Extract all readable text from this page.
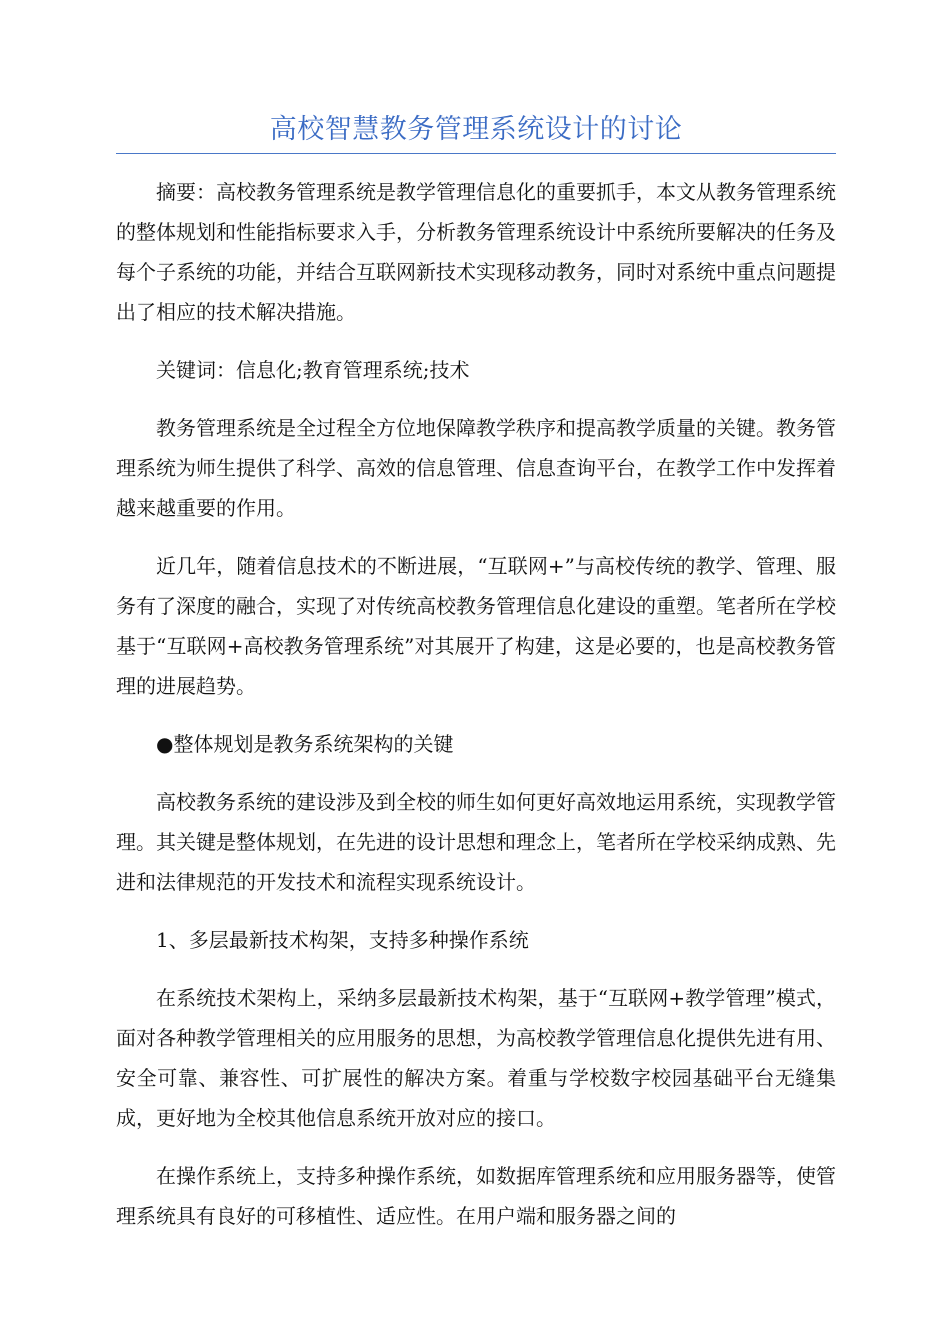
高校智慧教务管理系统设计的讨论

摘要：高校教务管理系统是教学管理信息化的重要抓手，本文从教务管理系统的整体规划和性能指标要求入手，分析教务管理系统设计中系统所要解决的任务及每个子系统的功能，并结合互联网新技术实现移动教务，同时对系统中重点问题提出了相应的技术解决措施。

关键词：信息化;教育管理系统;技术

教务管理系统是全过程全方位地保障教学秩序和提高教学质量的关键。教务管理系统为师生提供了科学、高效的信息管理、信息查询平台，在教学工作中发挥着越来越重要的作用。

近几年，随着信息技术的不断进展，“互联网+”与高校传统的教学、管理、服务有了深度的融合，实现了对传统高校教务管理信息化建设的重塑。笔者所在学校基于“互联网+高校教务管理系统”对其展开了构建，这是必要的，也是高校教务管理的进展趋势。

●整体规划是教务系统架构的关键

高校教务系统的建设涉及到全校的师生如何更好高效地运用系统，实现教学管理。其关键是整体规划，在先进的设计思想和理念上，笔者所在学校采纳成熟、先进和法律规范的开发技术和流程实现系统设计。

1、多层最新技术构架，支持多种操作系统

在系统技术架构上，采纳多层最新技术构架，基于“互联网+教学管理”模式，面对各种教学管理相关的应用服务的思想，为高校教学管理信息化提供先进有用、安全可靠、兼容性、可扩展性的解决方案。着重与学校数字校园基础平台无缝集成，更好地为全校其他信息系统开放对应的接口。

在操作系统上，支持多种操作系统，如数据库管理系统和应用服务器等，使管理系统具有良好的可移植性、适应性。在用户端和服务器之间的
